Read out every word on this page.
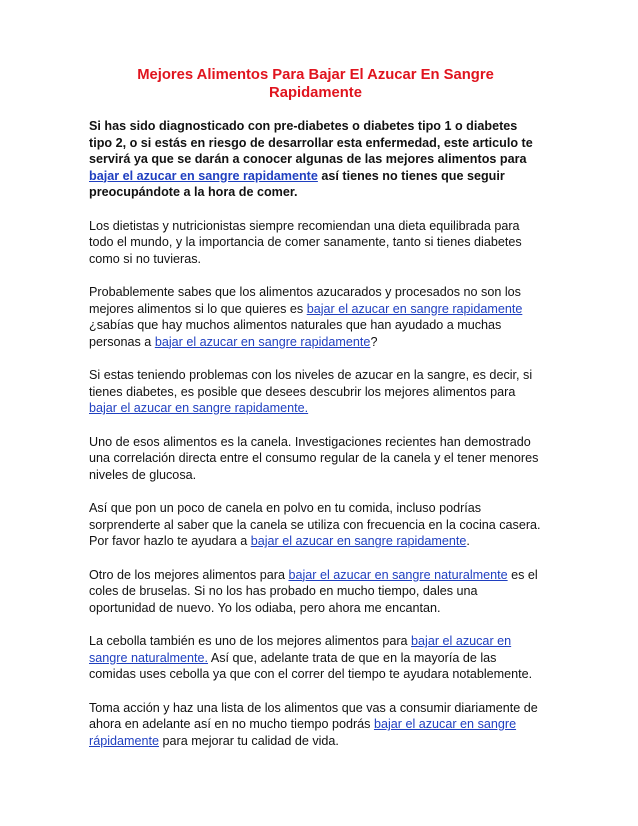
Mejores Alimentos Para Bajar El Azucar En Sangre Rapidamente

Si has sido diagnosticado con pre-diabetes o diabetes tipo 1 o diabetes tipo 2, o si estás en riesgo de desarrollar esta enfermedad, este articulo te servirá ya que se darán a conocer algunas de las mejores alimentos para bajar el azucar en sangre rapidamente así tienes no tienes que seguir preocupándote a la hora de comer.

Los dietistas y nutricionistas siempre recomiendan una dieta equilibrada para todo el mundo, y la importancia de comer sanamente, tanto si tienes diabetes como si no tuvieras.

Probablemente sabes que los alimentos azucarados y procesados no son los mejores alimentos si lo que quieres es bajar el azucar en sangre rapidamente ¿sabías que hay muchos alimentos naturales que han ayudado a muchas personas a bajar el azucar en sangre rapidamente?

Si estas teniendo problemas con los niveles de azucar en la sangre, es decir, si tienes diabetes, es posible que desees descubrir los mejores alimentos para bajar el azucar en sangre rapidamente.

Uno de esos alimentos es la canela. Investigaciones recientes han demostrado una correlación directa entre el consumo regular de la canela y el tener menores niveles de glucosa.

Así que pon un poco de canela en polvo en tu comida, incluso podrías sorprenderte al saber que la canela se utiliza con frecuencia en la cocina casera. Por favor hazlo te ayudara a bajar el azucar en sangre rapidamente.

Otro de los mejores alimentos para bajar el azucar en sangre naturalmente es el coles de bruselas. Si no los has probado en mucho tiempo, dales una oportunidad de nuevo. Yo los odiaba, pero ahora me encantan.

La cebolla también es uno de los mejores alimentos para bajar el azucar en sangre naturalmente. Así que, adelante trata de que en la mayoría de las comidas uses cebolla ya que con el correr del tiempo te ayudara notablemente.

Toma acción y haz una lista de los alimentos que vas a consumir diariamente de ahora en adelante así en no mucho tiempo podrás bajar el azucar en sangre rápidamente para mejorar tu calidad de vida.
